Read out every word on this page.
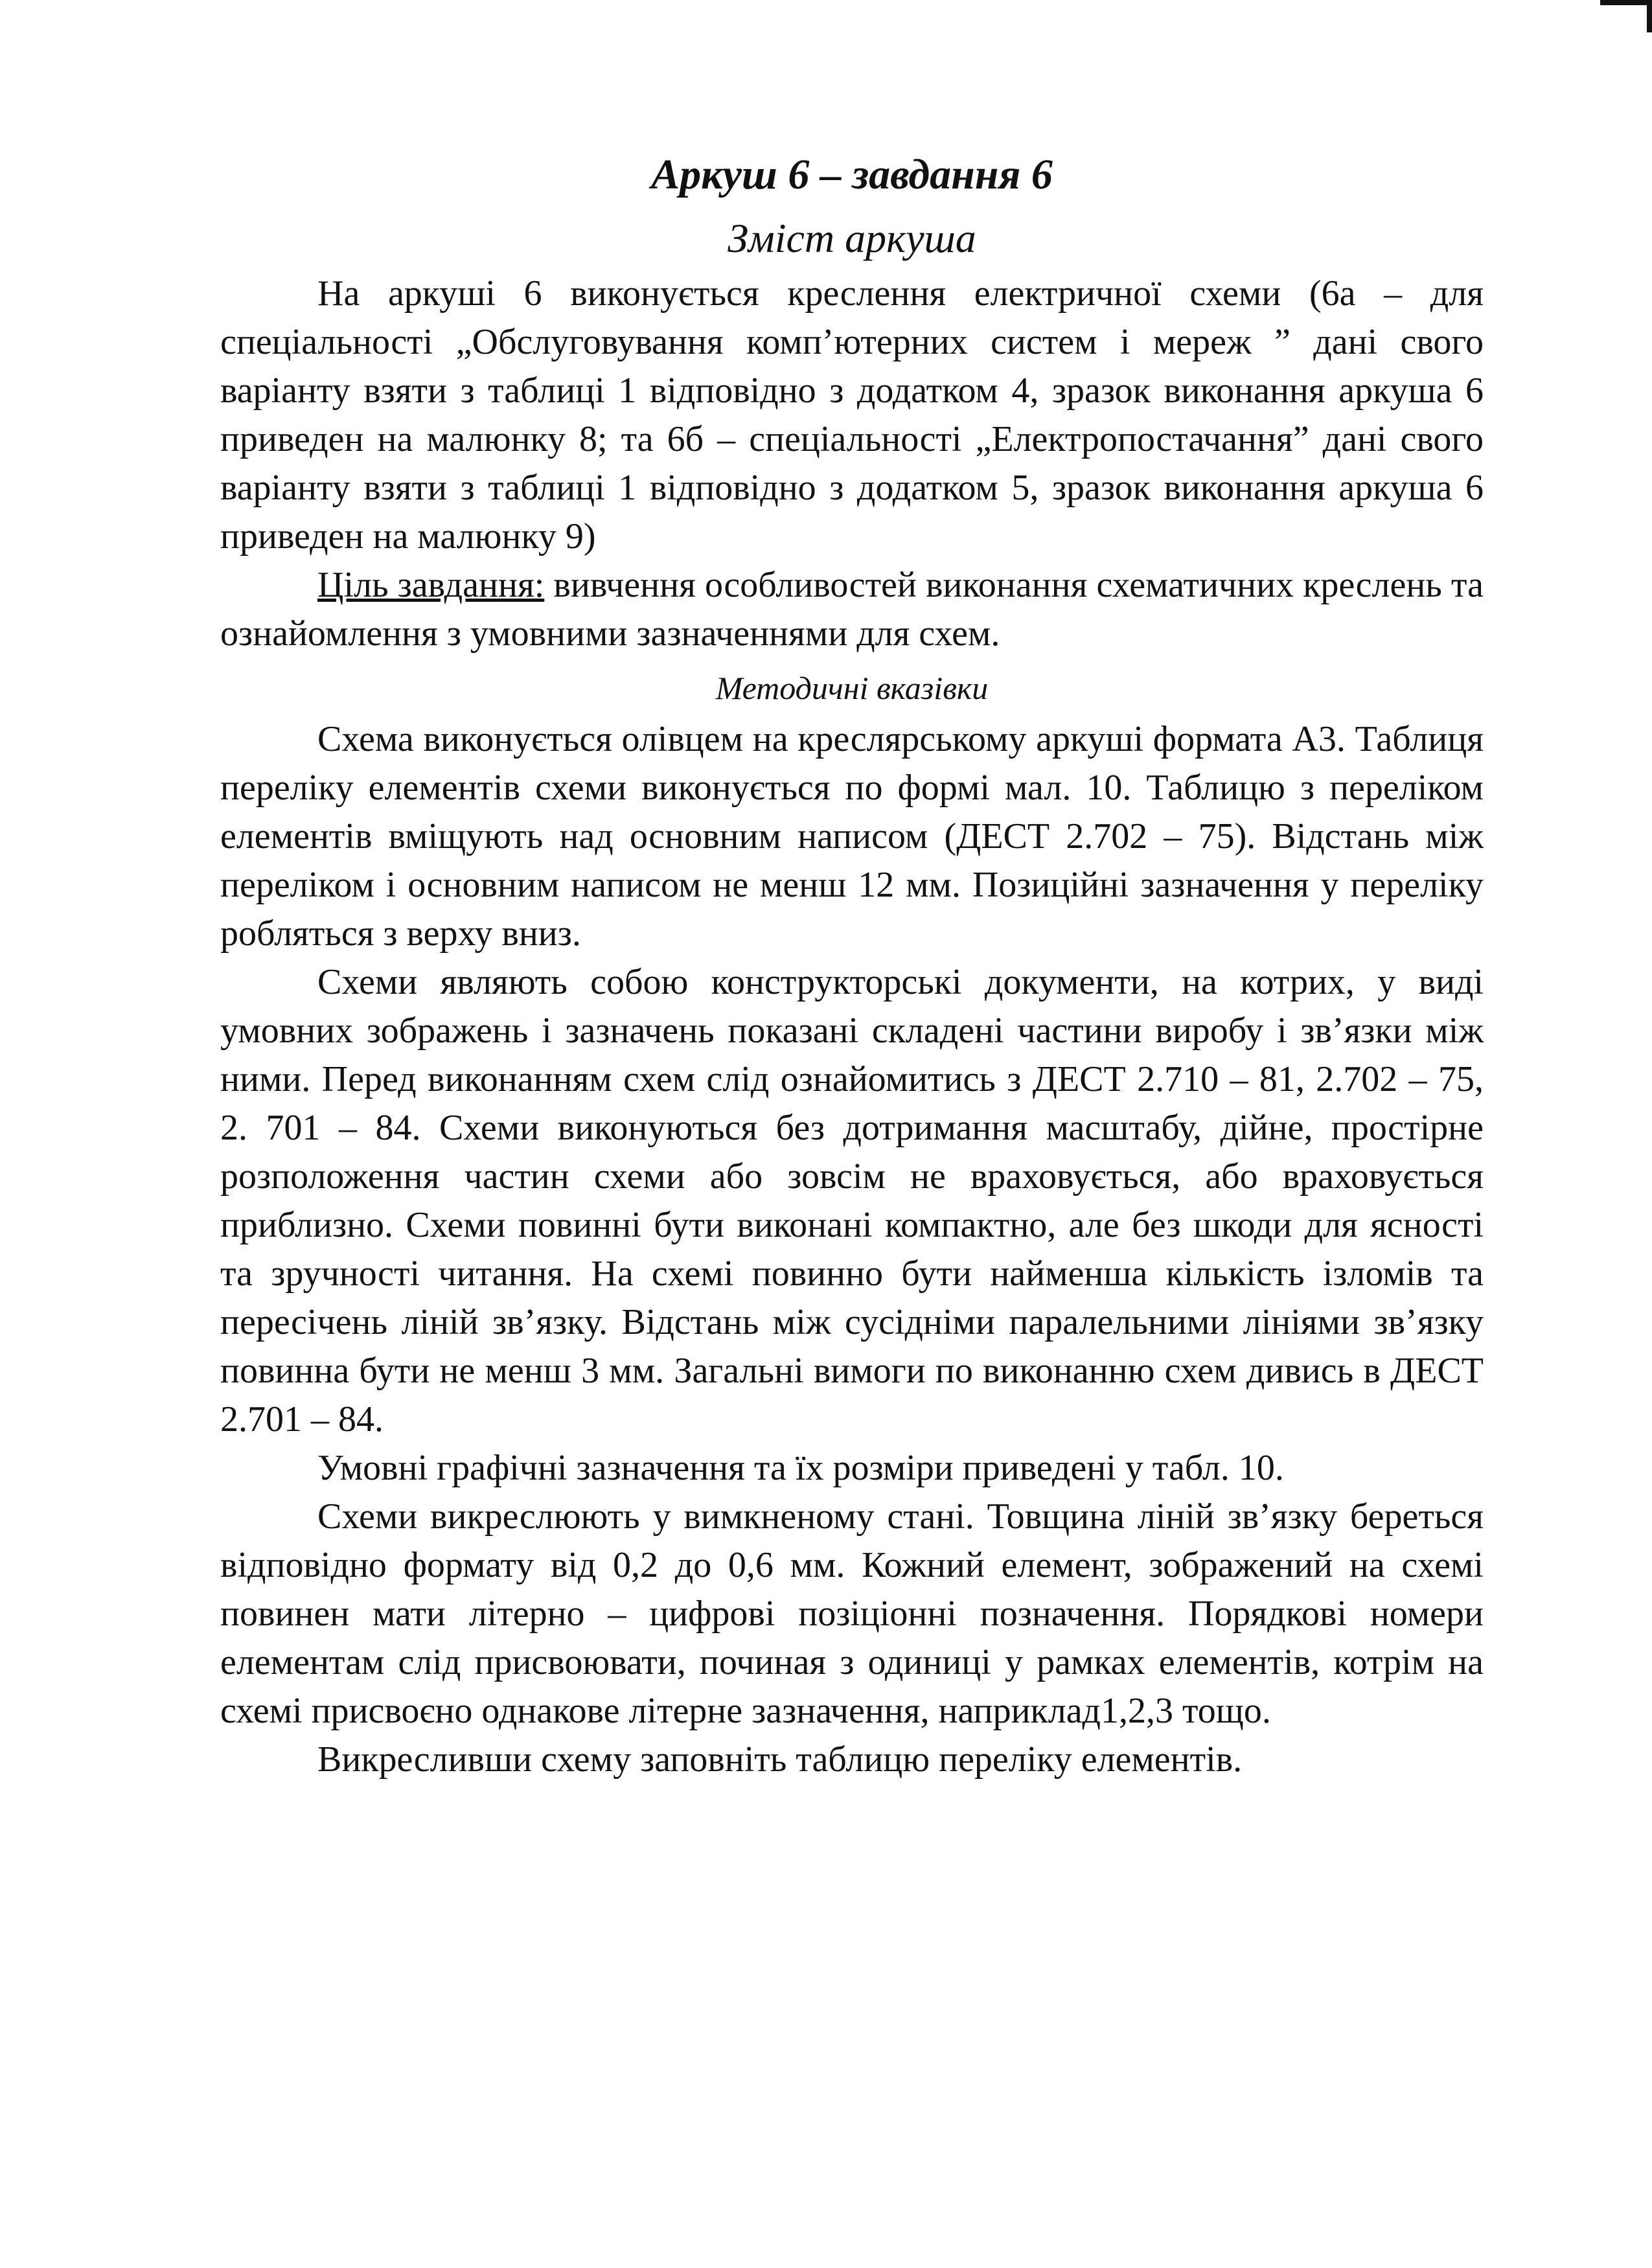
Аркуш 6 – завдання 6

Зміст аркуша

На аркуші 6 виконується креслення електричної схеми (6а – для спеціальності „Обслуговування комп’ютерних систем і мереж ” дані свого варіанту взяти з таблиці 1 відповідно з додатком 4, зразок виконання аркуша 6 приведен на малюнку 8; та 6б – спеціальності „Електропостачання” дані свого варіанту взяти з таблиці 1 відповідно з додатком 5, зразок виконання аркуша 6 приведен на малюнку 9)

Ціль завдання: вивчення особливостей виконання схематичних креслень та ознайомлення з умовними зазначеннями для схем.

Методичні вказівки

Схема виконується олівцем на креслярському аркуші формата А3. Таблиця переліку елементів схеми виконується по формі мал. 10. Таблицю з переліком елементів вміщують над основним написом (ДЕСТ 2.702 – 75). Відстань між переліком і основним написом не менш 12 мм. Позиційні зазначення у переліку робляться з верху вниз.

Схеми являють собою конструкторські документи, на котрих, у виді умовних зображень і зазначень показані складені частини виробу і зв’язки між ними. Перед виконанням схем слід ознайомитись з ДЕСТ 2.710 – 81, 2.702 – 75, 2. 701 – 84. Схеми виконуються без дотримання масштабу, дійне, простірне розположення частин схеми або зовсім не враховується, або враховується приблизно. Схеми повинні бути виконані компактно, але без шкоди для ясності та зручності читання. На схемі повинно бути найменша кількість ізломів та пересічень ліній зв’язку. Відстань між сусідніми паралельними лініями зв’язку повинна бути не менш 3 мм. Загальні вимоги по виконанню схем дивись в ДЕСТ 2.701 – 84.

Умовні графічні зазначення та їх розміри приведені у табл. 10.

Схеми викреслюють у вимкненому стані. Товщина ліній зв’язку береться відповідно формату від 0,2 до 0,6 мм. Кожний елемент, зображений на схемі повинен мати літерно – цифрові позіціонні позначення. Порядкові номери елементам слід присвоювати, починая з одиниці у рамках елементів, котрім на схемі присвоєно однакове літерне зазначення, наприклад1,2,3 тощо.

Викресливши схему заповніть таблицю переліку елементів.
